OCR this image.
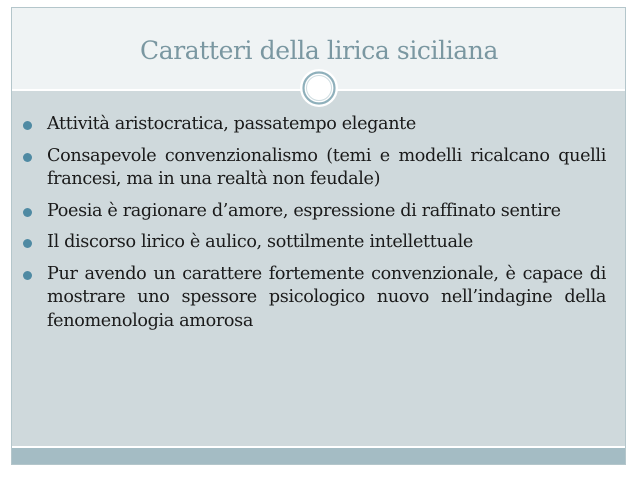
Caratteri della lirica siciliana
Attività aristocratica, passatempo elegante
Consapevole convenzionalismo (temi e modelli ricalcano quelli francesi, ma in una realtà non feudale)
Poesia è ragionare d’amore, espressione di raffinato sentire
Il discorso lirico è aulico, sottilmente intellettuale
Pur avendo un carattere fortemente convenzionale, è capace di mostrare uno spessore psicologico nuovo nell’indagine della fenomenologia amorosa
